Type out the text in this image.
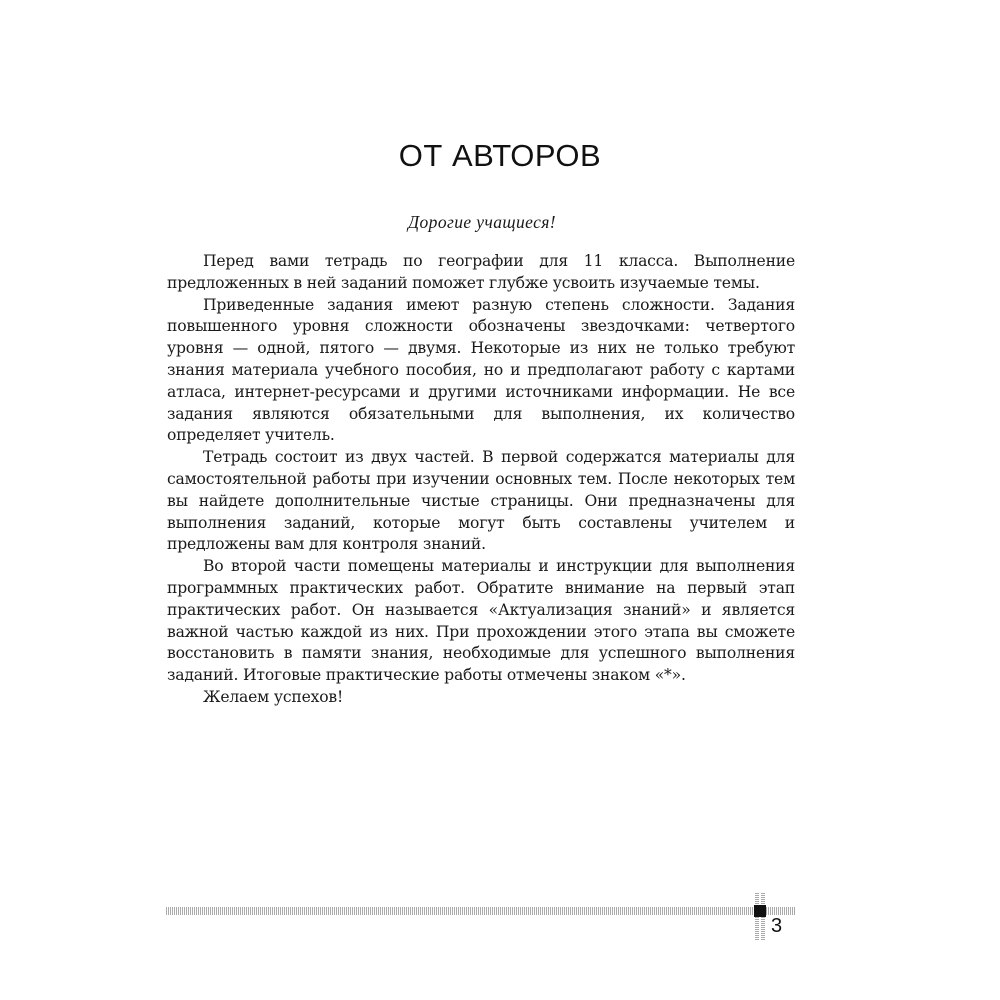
ОТ АВТОРОВ
Дорогие учащиеся!

Перед вами тетрадь по географии для 11 класса. Выполнение предложенных в ней заданий поможет глубже усвоить изучаемые темы.

Приведенные задания имеют разную степень сложности. Задания повышенного уровня сложности обозначены звездочками: четвертого уровня — одной, пятого — двумя. Некоторые из них не только требуют знания материала учебного пособия, но и предполагают работу с картами атласа, интернет-ресурсами и другими источниками информации. Не все задания являются обязательными для выполнения, их количество определяет учитель.

Тетрадь состоит из двух частей. В первой содержатся материалы для самостоятельной работы при изучении основных тем. После некоторых тем вы найдете дополнительные чистые страницы. Они предназначены для выполнения заданий, которые могут быть составлены учителем и предложены вам для контроля знаний.

Во второй части помещены материалы и инструкции для выполнения программных практических работ. Обратите внимание на первый этап практических работ. Он называется «Актуализация знаний» и является важной частью каждой из них. При прохождении этого этапа вы сможете восстановить в памяти знания, необходимые для успешного выполнения заданий. Итоговые практические работы отмечены знаком «*».

Желаем успехов!

3
